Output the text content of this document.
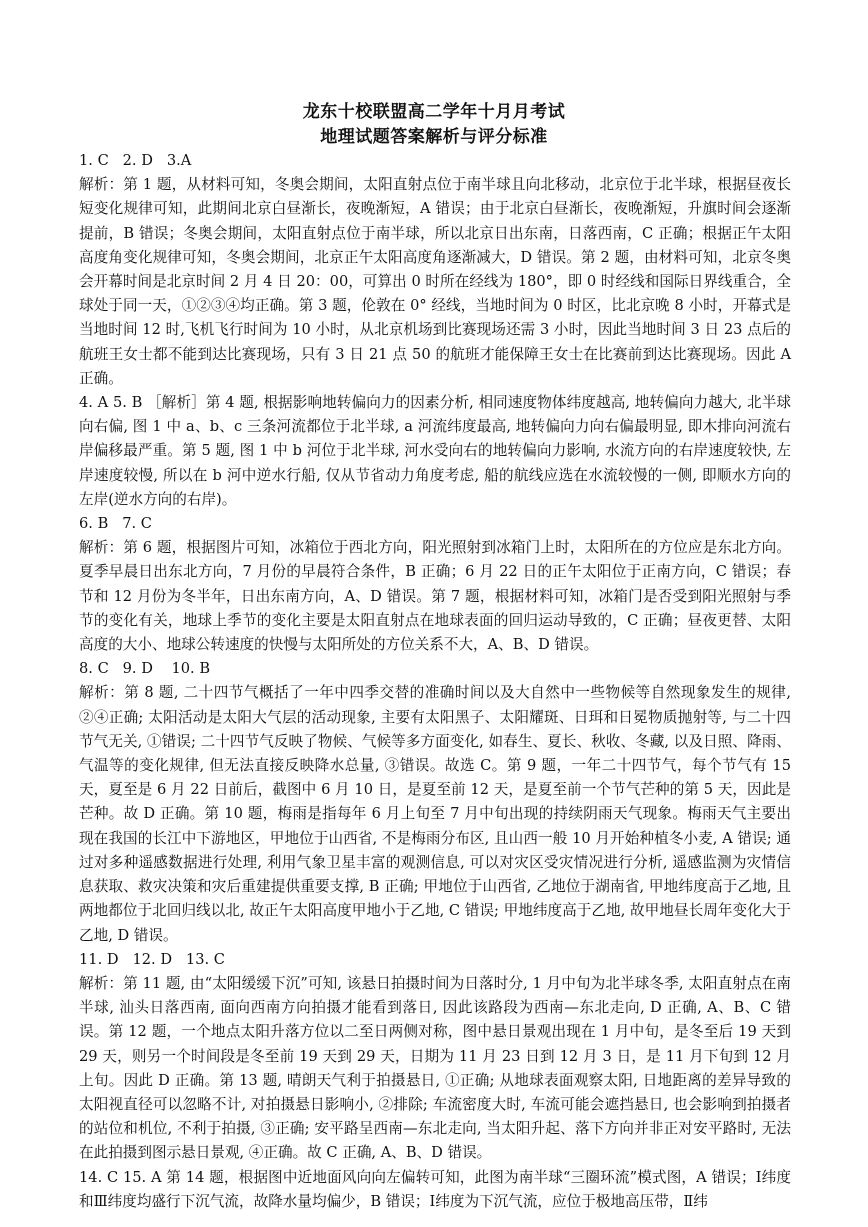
龙东十校联盟高二学年十月月考试
地理试题答案解析与评分标准

1. C   2. D   3.A

解析：第 1 题，从材料可知，冬奥会期间，太阳直射点位于南半球且向北移动，北京位于北半球，根据昼夜长短变化规律可知，此期间北京白昼渐长，夜晚渐短，A 错误；由于北京白昼渐长，夜晚渐短，升旗时间会逐渐提前，B 错误；冬奥会期间，太阳直射点位于南半球，所以北京日出东南，日落西南，C 正确；根据正午太阳高度角变化规律可知，冬奥会期间，北京正午太阳高度角逐渐减大，D 错误。第 2 题，由材料可知，北京冬奥会开幕时间是北京时间 2 月 4 日 20：00，可算出 0 时所在经线为 180°，即 0 时经线和国际日界线重合，全球处于同一天，①②③④均正确。第 3 题，伦敦在 0° 经线，当地时间为 0 时区，比北京晚 8 小时，开幕式是当地时间 12 时,飞机飞行时间为 10 小时，从北京机场到比赛现场还需 3 小时，因此当地时间 3 日 23 点后的航班王女士都不能到达比赛现场，只有 3 日 21 点 50 的航班才能保障王女士在比赛前到达比赛现场。因此 A 正确。

4. A 5. B ［解析］第 4 题, 根据影响地转偏向力的因素分析, 相同速度物体纬度越高, 地转偏向力越大, 北半球向右偏, 图 1 中 a、b、c 三条河流都位于北半球, a 河流纬度最高, 地转偏向力向右偏最明显, 即木排向河流右岸偏移最严重。第 5 题, 图 1 中 b 河位于北半球, 河水受向右的地转偏向力影响, 水流方向的右岸速度较快, 左岸速度较慢, 所以在 b 河中逆水行船, 仅从节省动力角度考虑, 船的航线应选在水流较慢的一侧, 即顺水方向的左岸(逆水方向的右岸)。

6. B   7. C

解析：第 6 题，根据图片可知，冰箱位于西北方向，阳光照射到冰箱门上时，太阳所在的方位应是东北方向。夏季早晨日出东北方向，7 月份的早晨符合条件，B 正确；6 月 22 日的正午太阳位于正南方向，C 错误；春节和 12 月份为冬半年，日出东南方向，A、D 错误。第 7 题，根据材料可知，冰箱门是否受到阳光照射与季节的变化有关，地球上季节的变化主要是太阳直射点在地球表面的回归运动导致的，C 正确；昼夜更替、太阳高度的大小、地球公转速度的快慢与太阳所处的方位关系不大，A、B、D 错误。

8. C   9. D    10. B

解析：第 8 题, 二十四节气概括了一年中四季交替的准确时间以及大自然中一些物候等自然现象发生的规律, ②④正确; 太阳活动是太阳大气层的活动现象, 主要有太阳黑子、太阳耀斑、日珥和日冕物质抛射等, 与二十四节气无关, ①错误; 二十四节气反映了物候、气候等多方面变化, 如春生、夏长、秋收、冬藏, 以及日照、降雨、气温等的变化规律, 但无法直接反映降水总量, ③错误。故选 C。第 9 题，一年二十四节气，每个节气有 15 天，夏至是 6 月 22 日前后，截图中 6 月 10 日，是夏至前 12 天，是夏至前一个节气芒种的第 5 天，因此是芒种。故 D 正确。第 10 题，梅雨是指每年 6 月上旬至 7 月中旬出现的持续阴雨天气现象。梅雨天气主要出现在我国的长江中下游地区，甲地位于山西省, 不是梅雨分布区, 且山西一般 10 月开始种植冬小麦, A 错误; 通过对多种遥感数据进行处理, 利用气象卫星丰富的观测信息, 可以对灾区受灾情况进行分析, 遥感监测为灾情信息获取、救灾决策和灾后重建提供重要支撑, B 正确; 甲地位于山西省, 乙地位于湖南省, 甲地纬度高于乙地, 且两地都位于北回归线以北, 故正午太阳高度甲地小于乙地, C 错误; 甲地纬度高于乙地, 故甲地昼长周年变化大于乙地, D 错误。

11. D   12. D   13. C

解析：第 11 题, 由“太阳缓缓下沉”可知, 该悬日拍摄时间为日落时分, 1 月中旬为北半球冬季, 太阳直射点在南半球, 汕头日落西南, 面向西南方向拍摄才能看到落日, 因此该路段为西南—东北走向, D 正确, A、B、C 错误。第 12 题，一个地点太阳升落方位以二至日两侧对称，图中悬日景观出现在 1 月中旬，是冬至后 19 天到 29 天，则另一个时间段是冬至前 19 天到 29 天，日期为 11 月 23 日到 12 月 3 日，是 11 月下旬到 12 月上旬。因此 D 正确。第 13 题, 晴朗天气利于拍摄悬日, ①正确; 从地球表面观察太阳, 日地距离的差异导致的太阳视直径可以忽略不计, 对拍摄悬日影响小, ②排除; 车流密度大时, 车流可能会遮挡悬日, 也会影响到拍摄者的站位和机位, 不利于拍摄, ③正确; 安平路呈西南—东北走向, 当太阳升起、落下方向并非正对安平路时, 无法在此拍摄到图示悬日景观, ④正确。故 C 正确, A、B、D 错误。

14. C 15. A 第 14 题，根据图中近地面风向向左偏转可知，此图为南半球“三圈环流”模式图，A 错误；Ⅰ纬度和Ⅲ纬度均盛行下沉气流，故降水量均偏少，B 错误；Ⅰ纬度为下沉气流，应位于极地高压带，Ⅱ纬
